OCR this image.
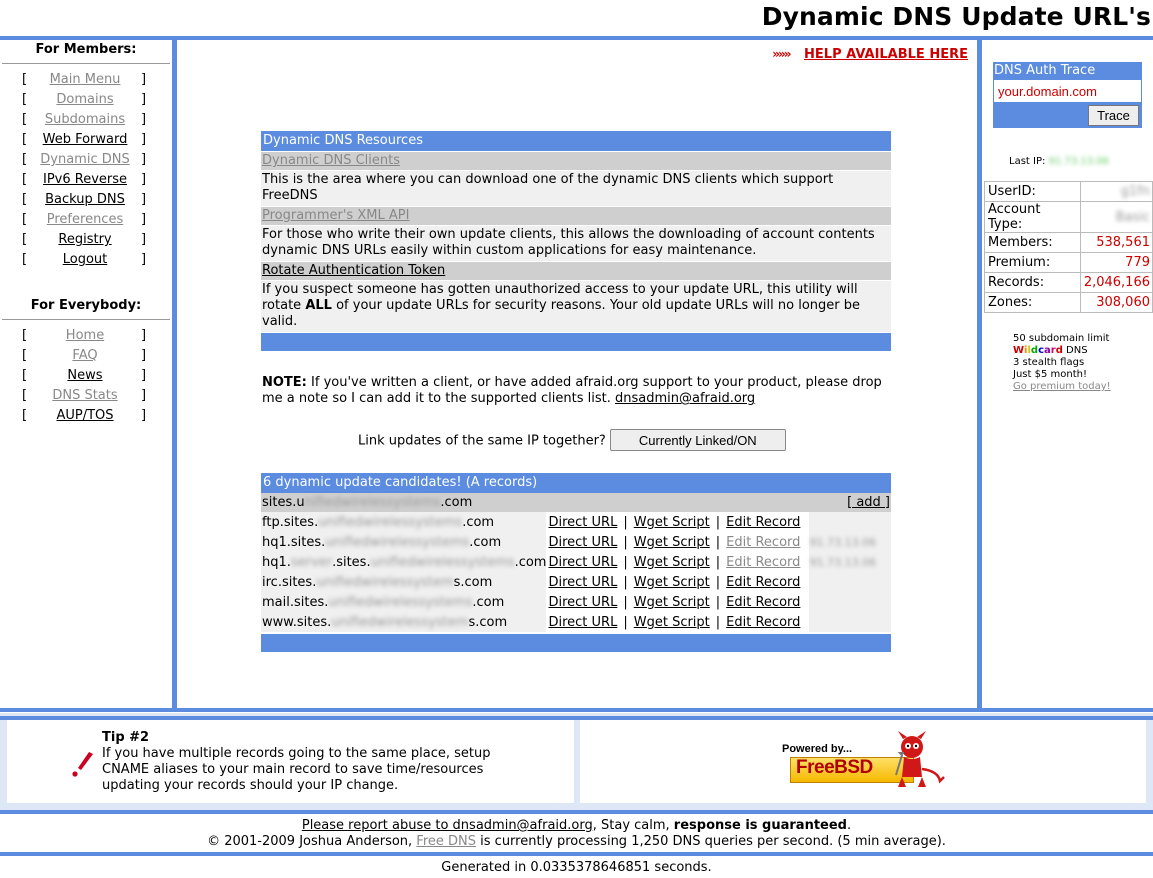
Dynamic DNS Update URL's
For Members:
[	Main Menu	]
[	Domains	]
[	Subdomains	]
[	Web Forward	]
[	Dynamic DNS ]
[	IPv6 Reverse	]
[	Backup DNS	]
[	Preferences	]
[	Registry	]
[	Logout	]
For Everybody:
[	Home	]
[	FAQ	]
[	News	]
[	DNS Stats	]
[	AUP/TOS	]
»»» HELP AVAILABLE HERE
Dynamic DNS Resources
Dynamic DNS Clients
This is the area where you can download one of the dynamic DNS clients which support FreeDNS
Programmer's XML API
For those who write their own update clients, this allows the downloading of account contents dynamic DNS URLs easily within custom applications for easy maintenance.
Rotate Authentication Token
If you suspect someone has gotten unauthorized access to your update URL, this utility will rotate ALL of your update URLs for security reasons. Your old update URLs will no longer be valid.
NOTE: If you've written a client, or have added afraid.org support to your product, please drop me a note so I can add it to the supported clients list. dnsadmin@afraid.org
Link updates of the same IP together?	Currently Linked/ON
6 dynamic update candidates! (A records)
sites.unifiedwirelessystems.com	[ add ]
ftp.sites.unifiedwirelessystems.com	Direct URL | Wget Script | Edit Record	
hq1.sites.unifiedwirelessystems.com	Direct URL | Wget Script | Edit Record	91.73.13.06
hq1.server.sites.unifiedwirelessystems.com	Direct URL | Wget Script | Edit Record	91.73.13.06
irc.sites.unifiedwirelessystems.com	Direct URL | Wget Script | Edit Record	
mail.sites.unifiedwirelessystems.com	Direct URL | Wget Script | Edit Record	
www.sites.unifiedwirelessystems.com	Direct URL | Wget Script | Edit Record	
DNS Auth Trace
your.domain.com
Trace
Last IP: 91.73.13.06
UserID:	g1fn
Account Type:	Basic
Members:	538,561
Premium:	779
Records:	2,046,166
Zones:	308,060
50 subdomain limit
Wildcard DNS
3 stealth flags
Just $5 month!
Go premium today!
Tip #2
If you have multiple records going to the same place, setup CNAME aliases to your main record to save time/resources updating your records should your IP change.
Powered by...
FreeBSD
Please report abuse to dnsadmin@afraid.org, Stay calm, response is guaranteed.
© 2001-2009 Joshua Anderson, Free DNS is currently processing 1,250 DNS queries per second. (5 min average).
Generated in 0.0335378646851 seconds.
